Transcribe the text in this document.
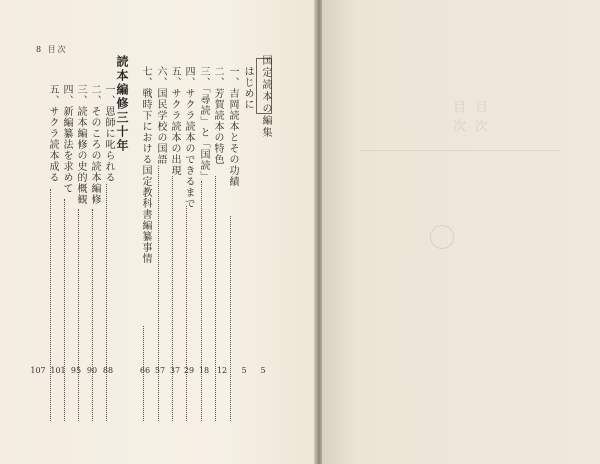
8 目次
国定読本の編集
はじめに
5
一、吉岡読本とその功績
5
二、芳賀読本の特色
12
三、「尋読」と「国読」
18
四、サクラ読本のできるまで
29
五、サクラ読本の出現
37
六、国民学校の国語
57
七、戦時下における国定教科書編纂事情
66
読本編修三十年
一、恩師に叱られる
88
二、そのころの読本編修
90
三、読本編修の史的概観
95
四、新編纂法を求めて
101
五、サクラ読本成る
107
目次
目次
